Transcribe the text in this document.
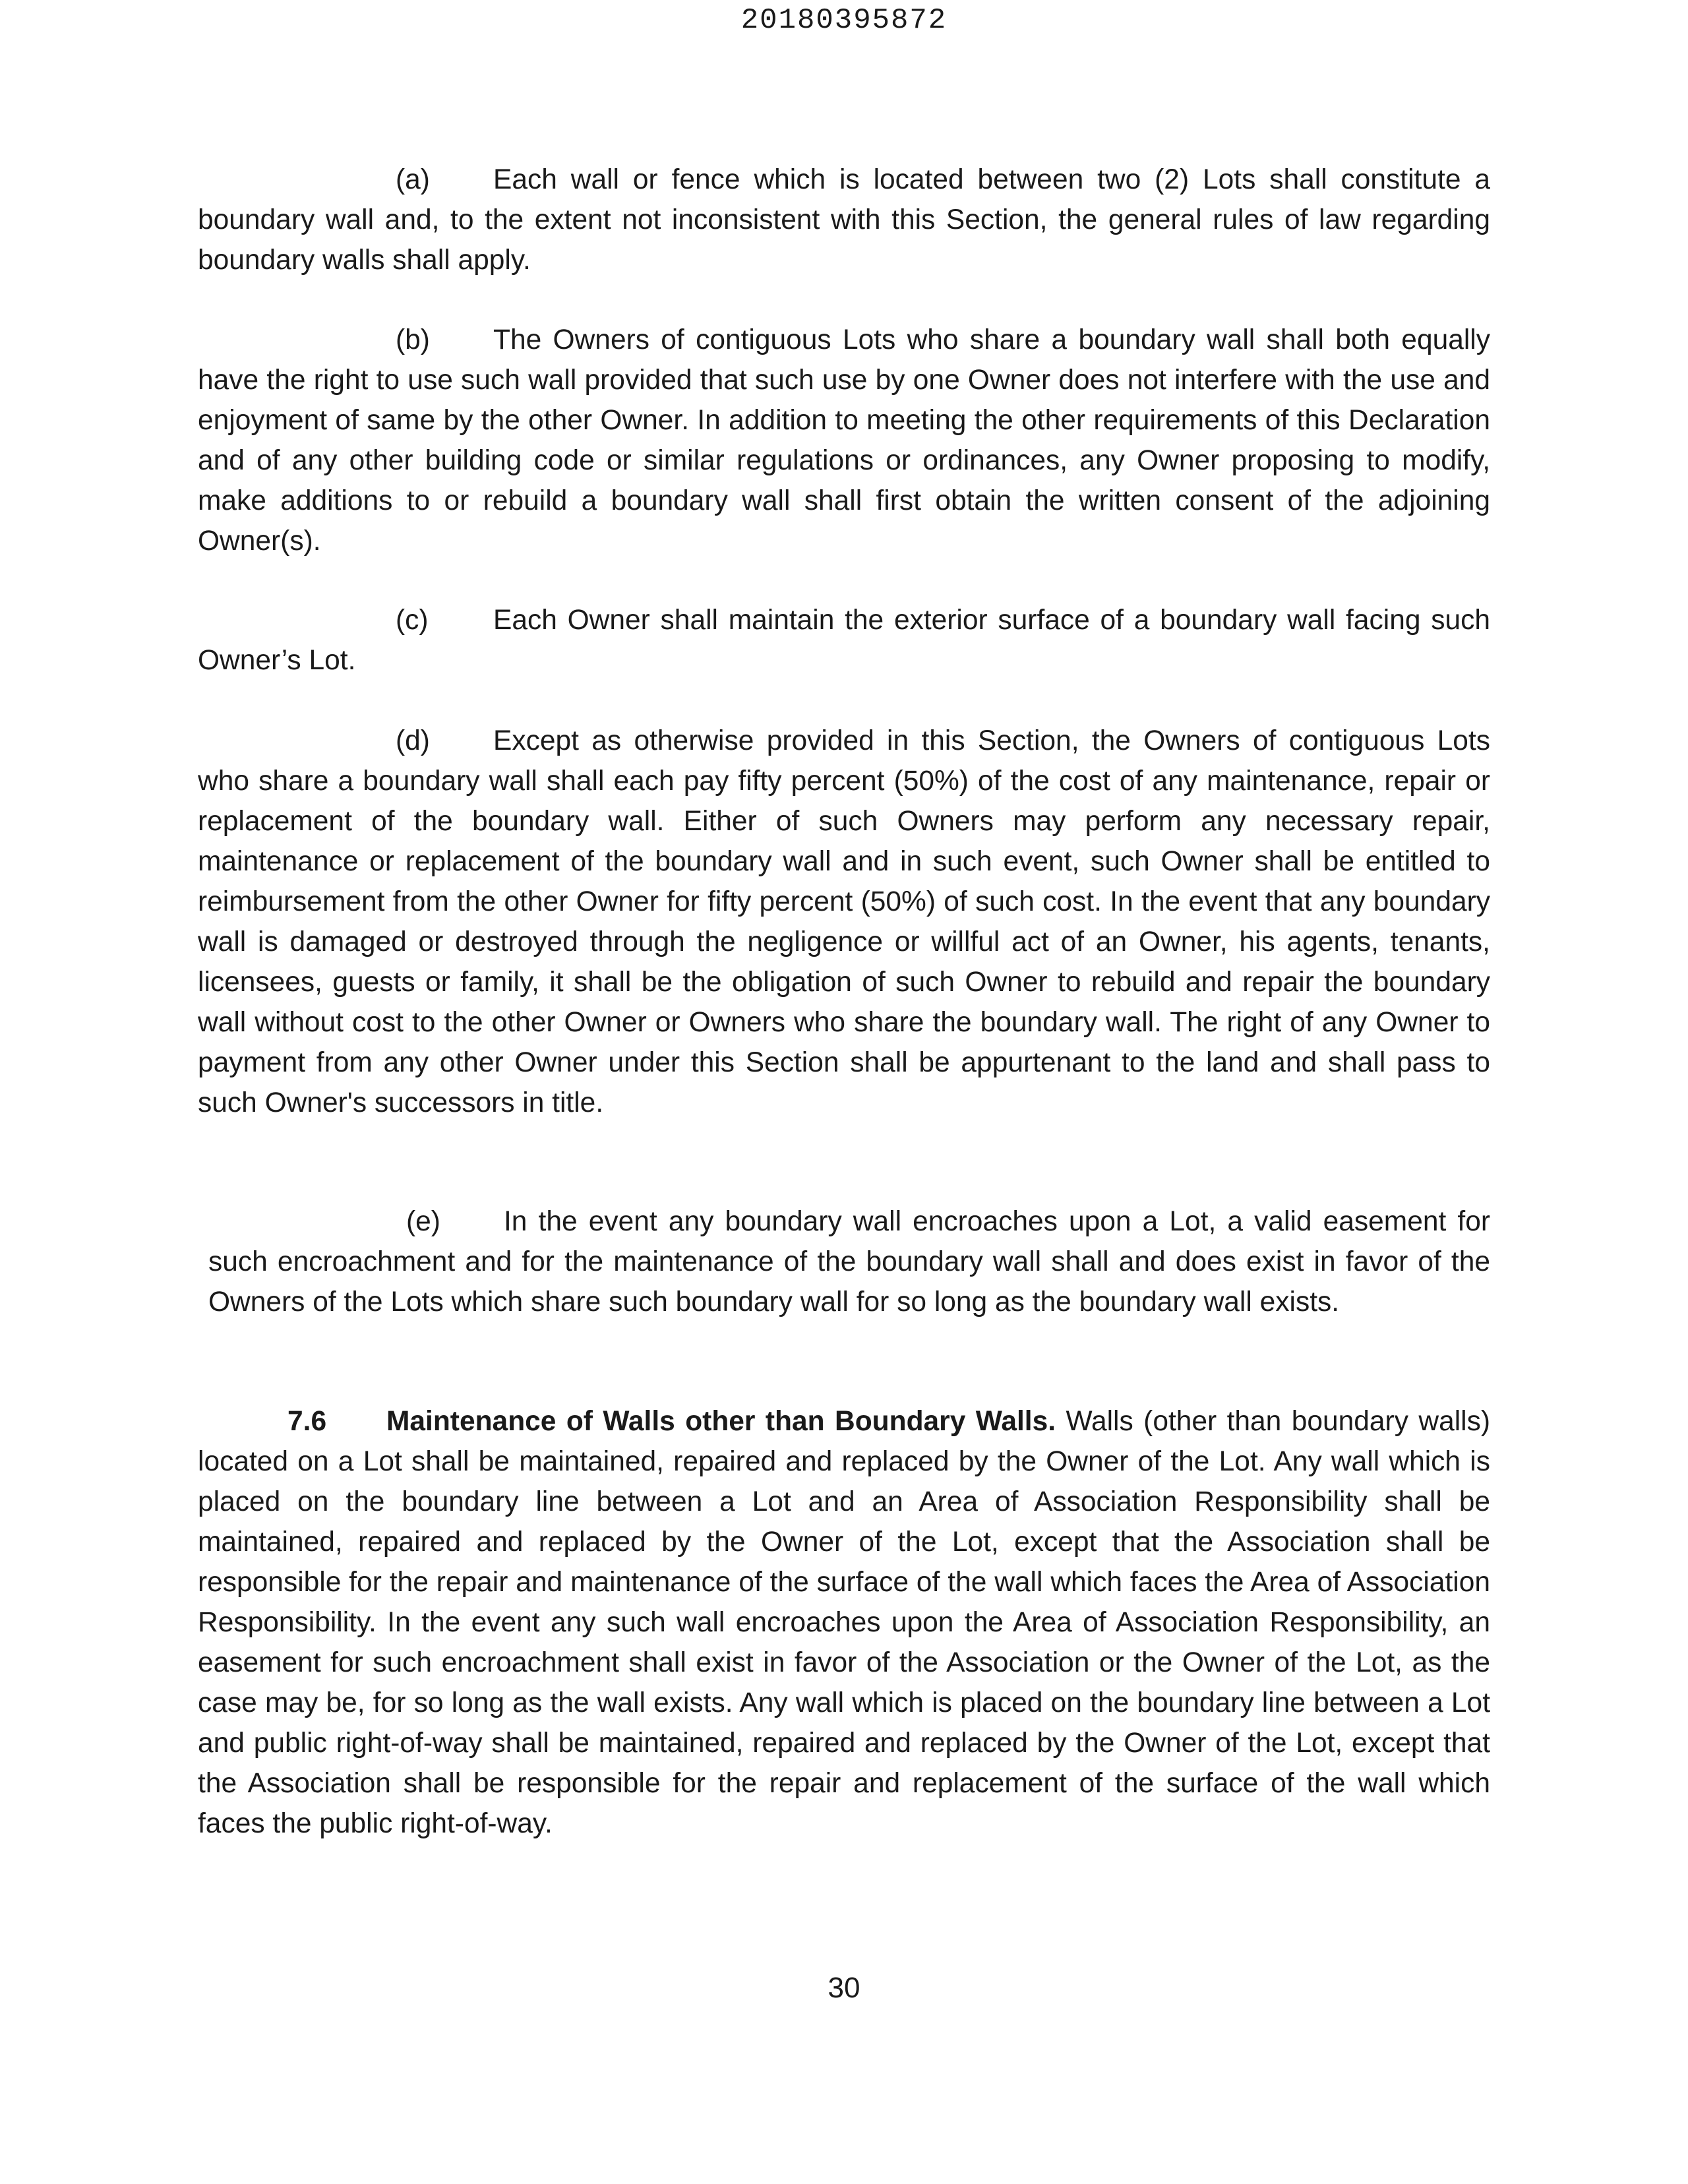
20180395872

(a) Each wall or fence which is located between two (2) Lots shall constitute a boundary wall and, to the extent not inconsistent with this Section, the general rules of law regarding boundary walls shall apply.

(b) The Owners of contiguous Lots who share a boundary wall shall both equally have the right to use such wall provided that such use by one Owner does not interfere with the use and enjoyment of same by the other Owner. In addition to meeting the other requirements of this Declaration and of any other building code or similar regulations or ordinances, any Owner proposing to modify, make additions to or rebuild a boundary wall shall first obtain the written consent of the adjoining Owner(s).

(c) Each Owner shall maintain the exterior surface of a boundary wall facing such Owner’s Lot.

(d) Except as otherwise provided in this Section, the Owners of contiguous Lots who share a boundary wall shall each pay fifty percent (50%) of the cost of any maintenance, repair or replacement of the boundary wall. Either of such Owners may perform any necessary repair, maintenance or replacement of the boundary wall and in such event, such Owner shall be entitled to reimbursement from the other Owner for fifty percent (50%) of such cost. In the event that any boundary wall is damaged or destroyed through the negligence or willful act of an Owner, his agents, tenants, licensees, guests or family, it shall be the obligation of such Owner to rebuild and repair the boundary wall without cost to the other Owner or Owners who share the boundary wall. The right of any Owner to payment from any other Owner under this Section shall be appurtenant to the land and shall pass to such Owner's successors in title.

(e) In the event any boundary wall encroaches upon a Lot, a valid easement for such encroachment and for the maintenance of the boundary wall shall and does exist in favor of the Owners of the Lots which share such boundary wall for so long as the boundary wall exists.

7.6 Maintenance of Walls other than Boundary Walls. Walls (other than boundary walls) located on a Lot shall be maintained, repaired and replaced by the Owner of the Lot. Any wall which is placed on the boundary line between a Lot and an Area of Association Responsibility shall be maintained, repaired and replaced by the Owner of the Lot, except that the Association shall be responsible for the repair and maintenance of the surface of the wall which faces the Area of Association Responsibility. In the event any such wall encroaches upon the Area of Association Responsibility, an easement for such encroachment shall exist in favor of the Association or the Owner of the Lot, as the case may be, for so long as the wall exists. Any wall which is placed on the boundary line between a Lot and public right-of-way shall be maintained, repaired and replaced by the Owner of the Lot, except that the Association shall be responsible for the repair and replacement of the surface of the wall which faces the public right-of-way.

30
